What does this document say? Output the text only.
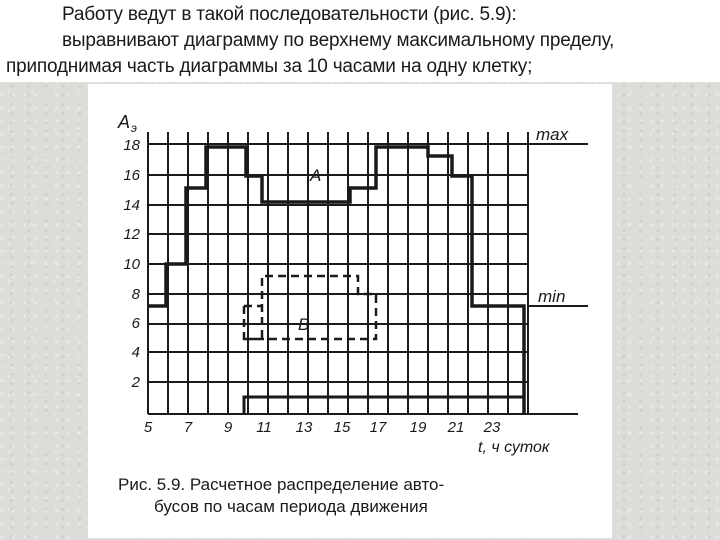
Работу ведут в такой последовательности (рис. 5.9):
выравнивают диаграмму по верхнему максимальному пределу,
приподнимая часть диаграммы за 10 часами на одну клетку;
A э
2
4
6
8
10
12
14
16
18
5 7 9 11 13 15 17 19 21 23
t, ч суток
max
min
A
B
Рис. 5.9. Расчетное распределение авто-
бусов по часам периода движения
